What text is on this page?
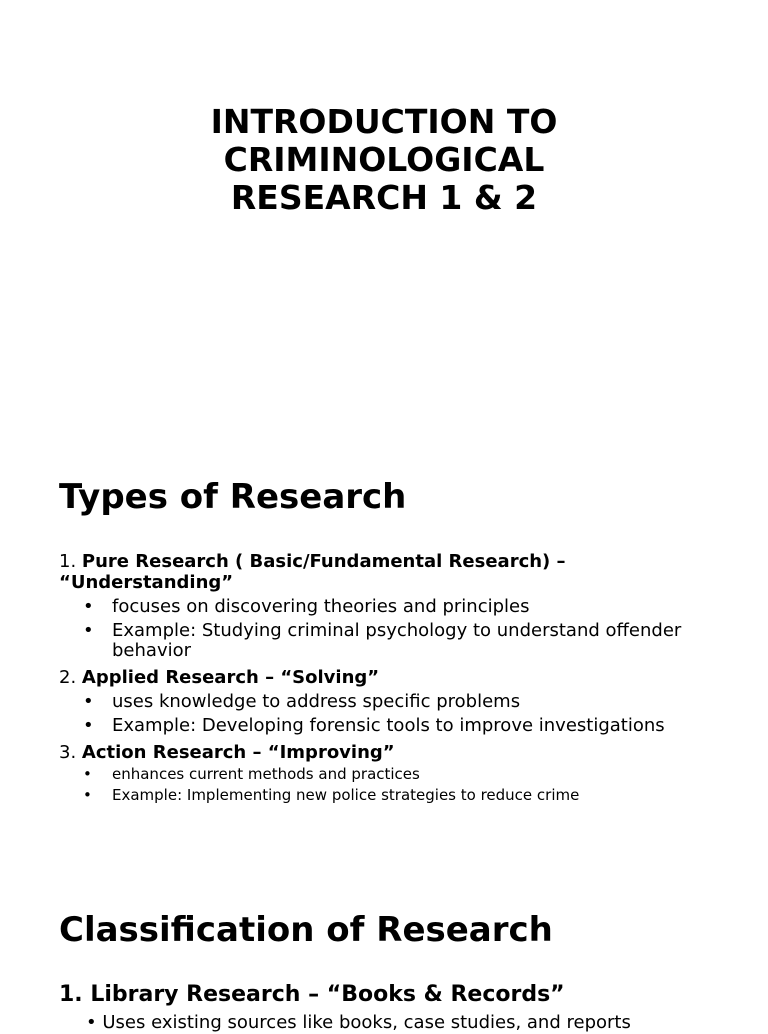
INTRODUCTION TO
CRIMINOLOGICAL
RESEARCH 1 & 2
Types of Research

1. Pure Research ( Basic/Fundamental Research) – “Understanding”

• focuses on discovering theories and principles
• Example: Studying criminal psychology to understand offender behavior

2. Applied Research – “Solving”

• uses knowledge to address specific problems
• Example: Developing forensic tools to improve investigations

3. Action Research – “Improving”

• enhances current methods and practices
• Example: Implementing new police strategies to reduce crime
Classification of Research

1. Library Research – “Books & Records”

• Uses existing sources like books, case studies, and reports
